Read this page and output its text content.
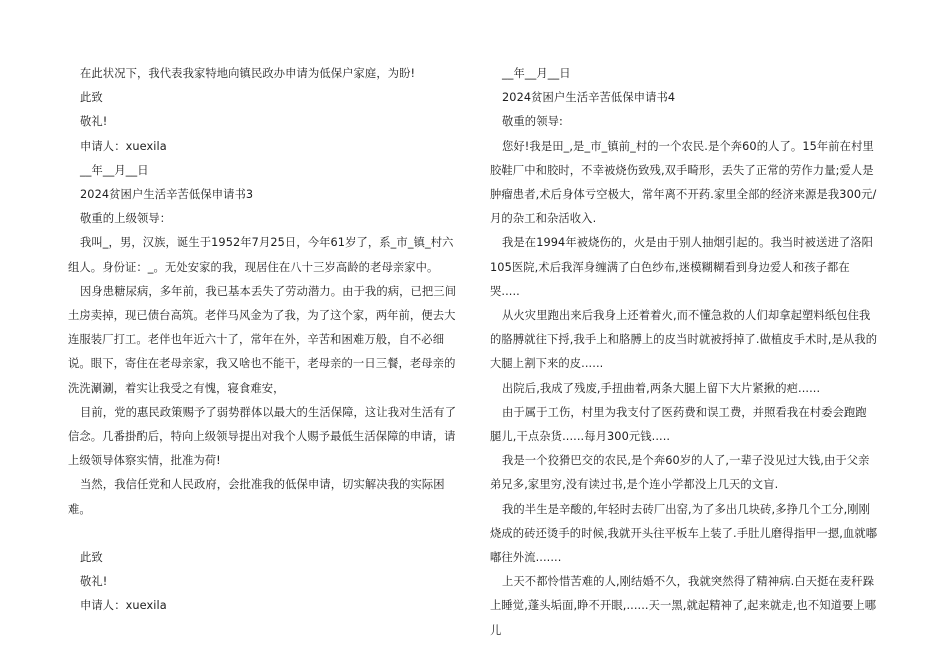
在此状况下，我代表我家特地向镇民政办申请为低保户家庭，为盼!

此致

敬礼!

申请人：xuexila

__年__月__日

2024贫困户生活辛苦低保申请书3

敬重的上级领导：

我叫_，男，汉族，诞生于1952年7月25日，今年61岁了，系_市_镇_村六组人。身份证：_。无处安家的我，现居住在八十三岁高龄的老母亲家中。

因身患糖尿病，多年前，我已基本丢失了劳动潜力。由于我的病，已把三间土房卖掉，现已债台高筑。老伴马风金为了我，为了这个家，两年前，便去大连服装厂打工。老伴也年近六十了，常年在外，辛苦和困难万般，自不必细说。眼下，寄住在老母亲家，我又啥也不能干，老母亲的一日三餐，老母亲的洗洗涮涮，着实让我受之有愧，寝食难安，

目前，党的惠民政策赐予了弱势群体以最大的生活保障，这让我对生活有了信念。几番掛酌后，特向上级领导提出对我个人赐予最低生活保障的申请，请上级领导体察实情，批准为荷!

当然，我信任党和人民政府，会批准我的低保申请，切实解决我的实际困难。

此致

敬礼!

申请人：xuexila

__年__月__日

2024贫困户生活辛苦低保申请书4

敬重的领导:

您好!我是田_,是_市_镇前_村的一个农民.是个奔60的人了。15年前在村里胶鞋厂中和胶时，不幸被烧伤致残,双手畸形，丢失了正常的劳作力量;爱人是肿瘤患者,术后身体亏空极大，常年离不开药.家里全部的经济来源是我300元/月的杂工和杂活收入.

我是在1994年被烧伤的，火是由于别人抽烟引起的。我当时被送进了洛阳105医院,术后我浑身缠满了白色纱布,迷模糊糊看到身边爱人和孩子都在哭.....

从火灾里跑出来后我身上还着着火,而不懂急救的人们却拿起塑料纸包住我的胳膊就往下捋,我手上和胳膊上的皮当时就被捋掉了.做植皮手术时,是从我的大腿上割下来的皮......

出院后,我成了残废,手扭曲着,两条大腿上留下大片紧揪的疤......

由于属于工伤，村里为我支付了医药费和误工费，并照看我在村委会跑跑腿儿,干点杂货......每月300元钱.....

我是一个狡猾巴交的农民,是个奔60岁的人了,一辈子没见过大钱,由于父亲弟兄多,家里穷,没有读过书,是个连小学都没上几天的文盲.

我的半生是辛酸的,年轻时去砖厂出窑,为了多出几块砖,多挣几个工分,刚刚烧成的砖还烫手的时候,我就开头往平板车上装了.手肚儿磨得指甲一摁,血就嘟嘟往外流.......

上天不都怜惜苦难的人,刚结婚不久，我就突然得了精神病.白天挺在麦秆跺上睡觉,蓬头垢面,睁不开眼,......天一黑,就起精神了,起来就走,也不知道要上哪儿
